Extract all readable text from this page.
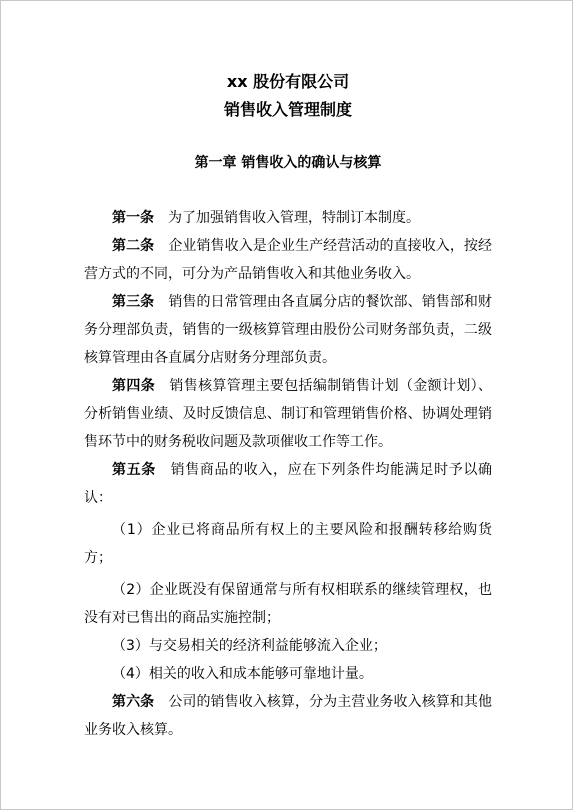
xx 股份有限公司
销售收入管理制度
第一章 销售收入的确认与核算

第一条　 为了加强销售收入管理，特制订本制度。

第二条　 企业销售收入是企业生产经营活动的直接收入，按经营方式的不同，可分为产品销售收入和其他业务收入。

第三条　 销售的日常管理由各直属分店的餐饮部、销售部和财务分理部负责，销售的一级核算管理由股份公司财务部负责，二级核算管理由各直属分店财务分理部负责。

第四条　 销售核算管理主要包括编制销售计划（金额计划）、分析销售业绩、及时反馈信息、制订和管理销售价格、协调处理销售环节中的财务税收问题及款项催收工作等工作。

第五条　 销售商品的收入，应在下列条件均能满足时予以确认：

（1）企业已将商品所有权上的主要风险和报酬转移给购货方；

（2）企业既没有保留通常与所有权相联系的继续管理权，也没有对已售出的商品实施控制；

（3）与交易相关的经济利益能够流入企业；

（4）相关的收入和成本能够可靠地计量。

第六条　 公司的销售收入核算，分为主营业务收入核算和其他业务收入核算。
